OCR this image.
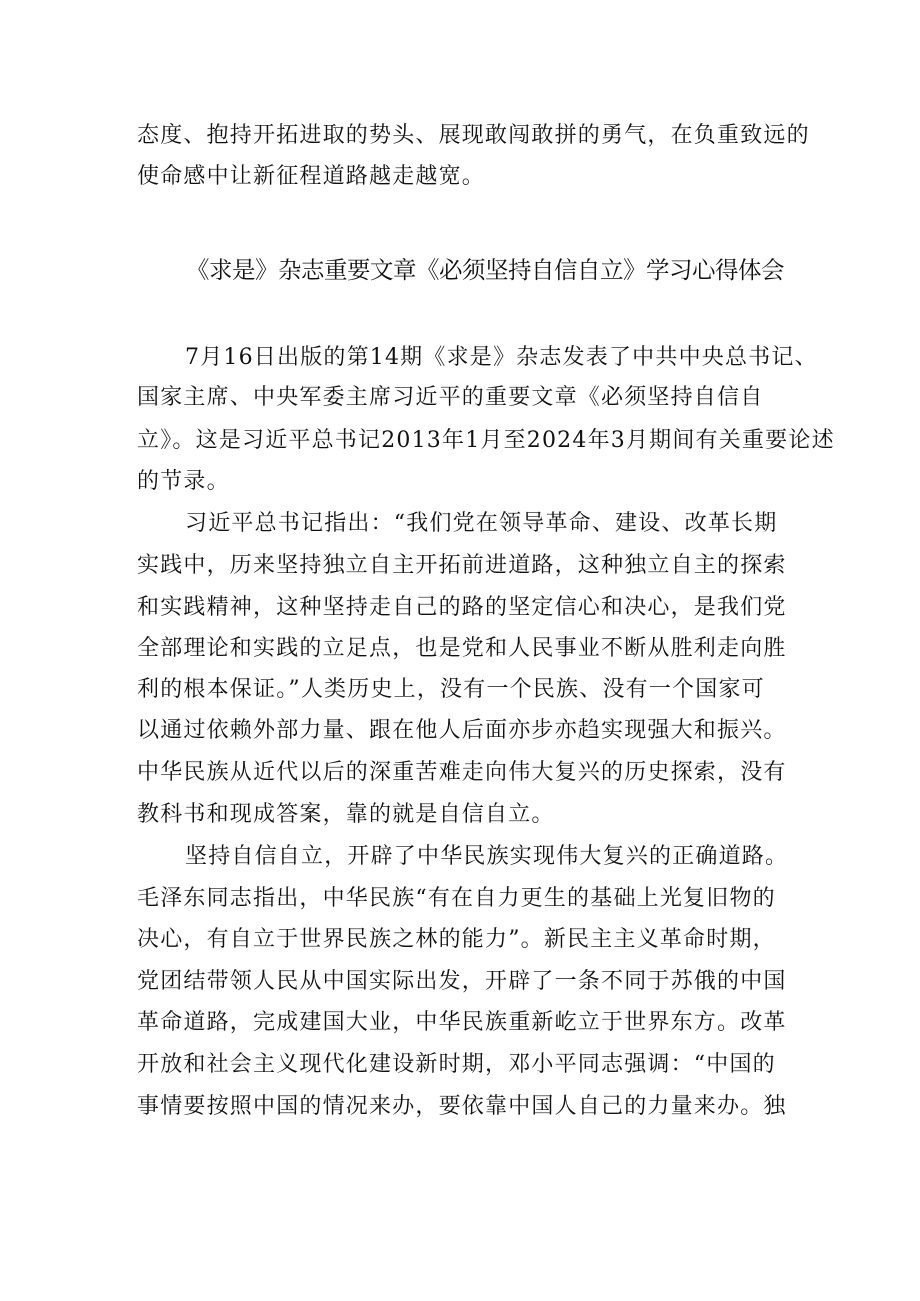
态度、抱持开拓进取的势头、展现敢闯敢拼的勇气，在负重致远的
使命感中让新征程道路越走越宽。
《求是》杂志重要文章《必须坚持自信自立》学习心得体会
7月16日出版的第14期《求是》杂志发表了中共中央总书记、
国家主席、中央军委主席习近平的重要文章《必须坚持自信自
立》。这是习近平总书记2013年1月至2024年3月期间有关重要论述
的节录。
习近平总书记指出：“我们党在领导革命、建设、改革长期
实践中，历来坚持独立自主开拓前进道路，这种独立自主的探索
和实践精神，这种坚持走自己的路的坚定信心和决心，是我们党
全部理论和实践的立足点，也是党和人民事业不断从胜利走向胜
利的根本保证。”人类历史上，没有一个民族、没有一个国家可
以通过依赖外部力量、跟在他人后面亦步亦趋实现强大和振兴。
中华民族从近代以后的深重苦难走向伟大复兴的历史探索，没有
教科书和现成答案，靠的就是自信自立。
坚持自信自立，开辟了中华民族实现伟大复兴的正确道路。
毛泽东同志指出，中华民族“有在自力更生的基础上光复旧物的
决心，有自立于世界民族之林的能力”。新民主主义革命时期，
党团结带领人民从中国实际出发，开辟了一条不同于苏俄的中国
革命道路，完成建国大业，中华民族重新屹立于世界东方。改革
开放和社会主义现代化建设新时期，邓小平同志强调：“中国的
事情要按照中国的情况来办，要依靠中国人自己的力量来办。独
